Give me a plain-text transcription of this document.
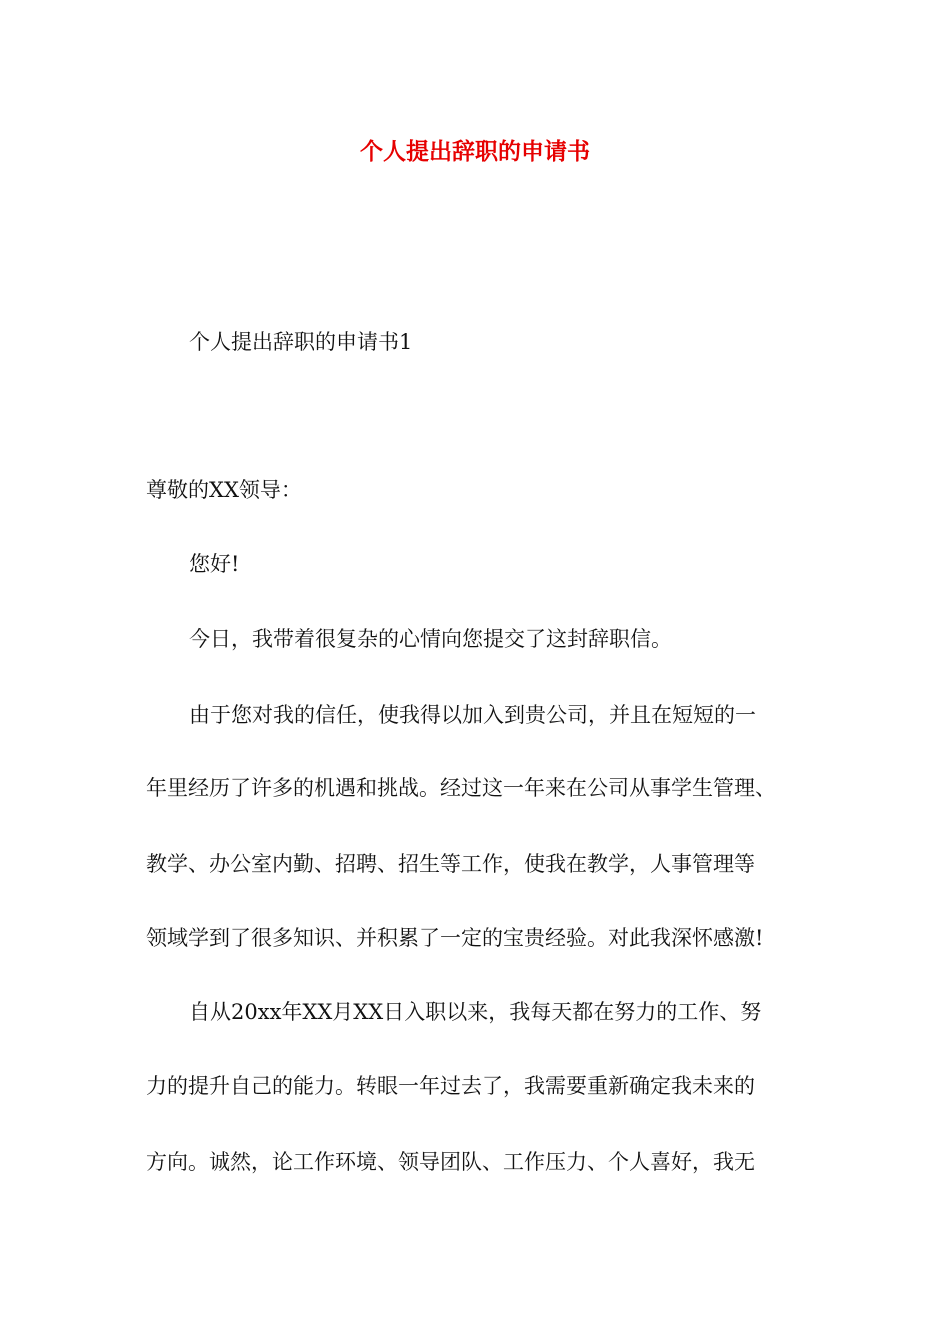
个人提出辞职的申请书

个人提出辞职的申请书1

尊敬的XX领导：

您好!

今日，我带着很复杂的心情向您提交了这封辞职信。

由于您对我的信任，使我得以加入到贵公司，并且在短短的一

年里经历了许多的机遇和挑战。经过这一年来在公司从事学生管理、

教学、办公室内勤、招聘、招生等工作，使我在教学，人事管理等

领域学到了很多知识、并积累了一定的宝贵经验。对此我深怀感激!

自从20xx年XX月XX日入职以来，我每天都在努力的工作、努

力的提升自己的能力。转眼一年过去了，我需要重新确定我未来的

方向。诚然，论工作环境、领导团队、工作压力、个人喜好，我无
